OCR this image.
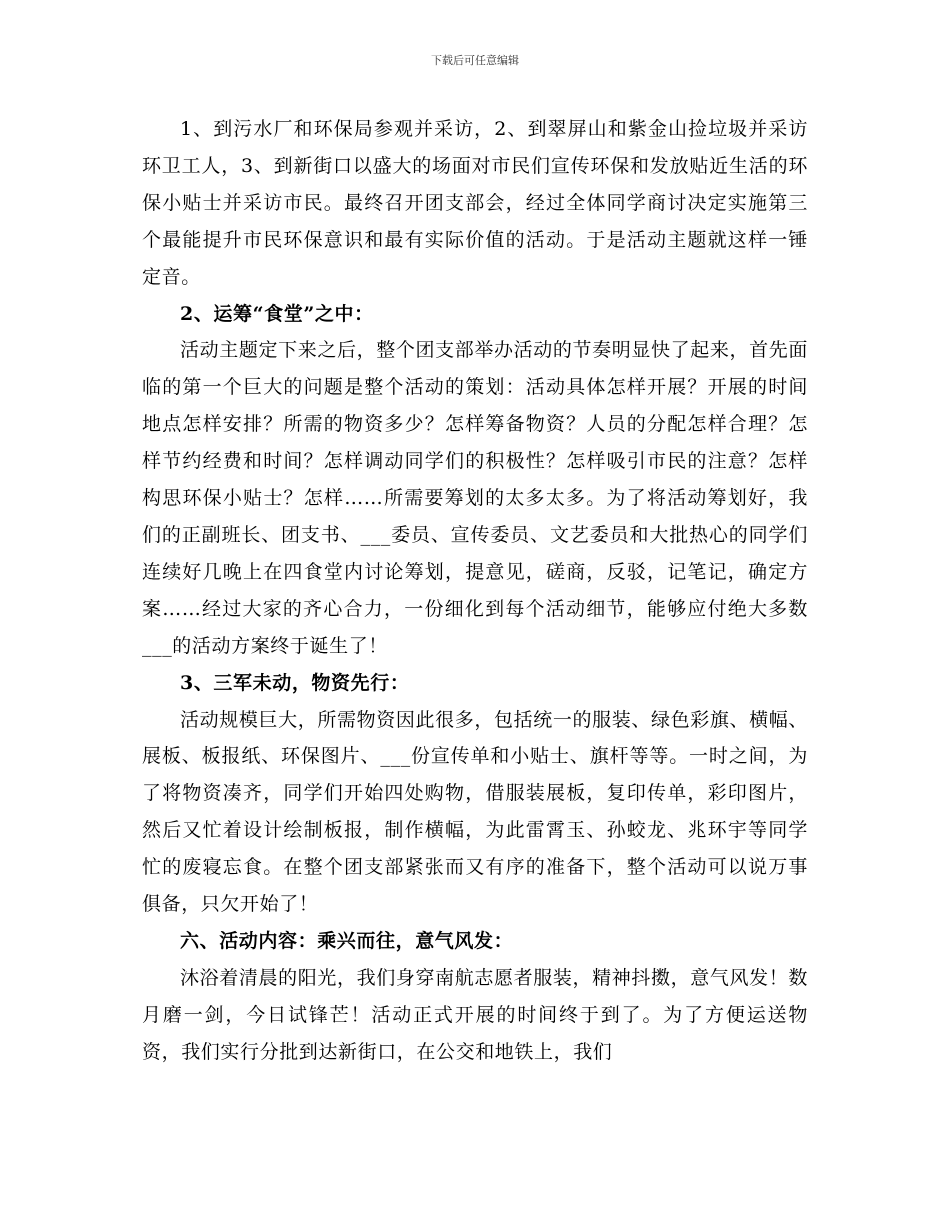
下载后可任意编辑

1、到污水厂和环保局参观并采访，2、到翠屏山和紫金山捡垃圾并采访环卫工人，3、到新街口以盛大的场面对市民们宣传环保和发放贴近生活的环保小贴士并采访市民。最终召开团支部会，经过全体同学商讨决定实施第三个最能提升市民环保意识和最有实际价值的活动。于是活动主题就这样一锤定音。

2、运筹“食堂”之中：

活动主题定下来之后，整个团支部举办活动的节奏明显快了起来，首先面临的第一个巨大的问题是整个活动的策划：活动具体怎样开展？开展的时间地点怎样安排？所需的物资多少？怎样筹备物资？人员的分配怎样合理？怎样节约经费和时间？怎样调动同学们的积极性？怎样吸引市民的注意？怎样构思环保小贴士？怎样……所需要筹划的太多太多。为了将活动筹划好，我们的正副班长、团支书、___委员、宣传委员、文艺委员和大批热心的同学们连续好几晚上在四食堂内讨论筹划，提意见，磋商，反驳，记笔记，确定方案……经过大家的齐心合力，一份细化到每个活动细节，能够应付绝大多数___的活动方案终于诞生了！

3、三军未动，物资先行：

活动规模巨大，所需物资因此很多，包括统一的服装、绿色彩旗、横幅、展板、板报纸、环保图片、___份宣传单和小贴士、旗杆等等。一时之间，为了将物资凑齐，同学们开始四处购物，借服装展板，复印传单，彩印图片，然后又忙着设计绘制板报，制作横幅，为此雷霄玉、孙蛟龙、兆环宇等同学忙的废寝忘食。在整个团支部紧张而又有序的准备下，整个活动可以说万事俱备，只欠开始了！

六、活动内容：乘兴而往，意气风发：

沐浴着清晨的阳光，我们身穿南航志愿者服装，精神抖擞，意气风发！数月磨一剑，今日试锋芒！活动正式开展的时间终于到了。为了方便运送物资，我们实行分批到达新街口，在公交和地铁上，我们
